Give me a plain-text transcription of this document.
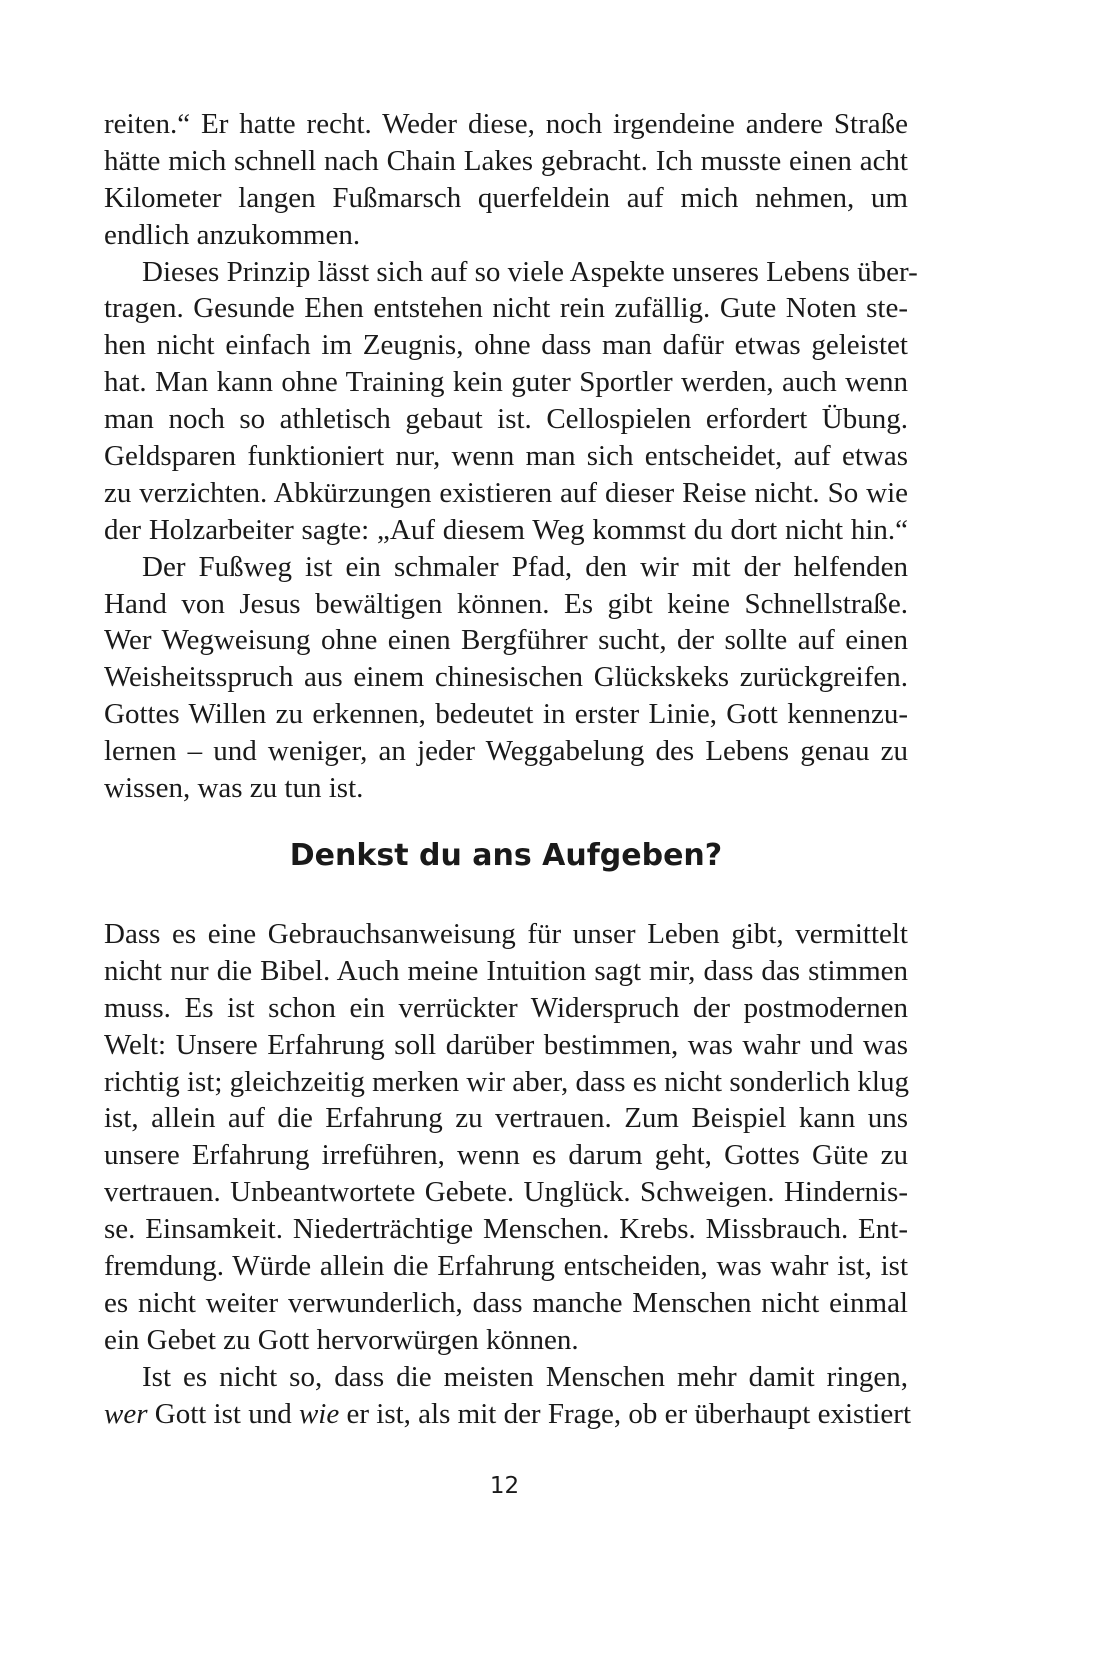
reiten.“ Er hatte recht. Weder diese, noch irgendeine andere Straße
hätte mich schnell nach Chain Lakes gebracht. Ich musste einen acht
Kilometer langen Fußmarsch querfeldein auf mich nehmen, um
endlich anzukommen.

Dieses Prinzip lässt sich auf so viele Aspekte unseres Lebens über-
tragen. Gesunde Ehen entstehen nicht rein zufällig. Gute Noten ste-
hen nicht einfach im Zeugnis, ohne dass man dafür etwas geleistet
hat. Man kann ohne Training kein guter Sportler werden, auch wenn
man noch so athletisch gebaut ist. Cellospielen erfordert Übung.
Geldsparen funktioniert nur, wenn man sich entscheidet, auf etwas
zu verzichten. Abkürzungen existieren auf dieser Reise nicht. So wie
der Holzarbeiter sagte: „Auf diesem Weg kommst du dort nicht hin.“

Der Fußweg ist ein schmaler Pfad, den wir mit der helfenden
Hand von Jesus bewältigen können. Es gibt keine Schnellstraße.
Wer Wegweisung ohne einen Bergführer sucht, der sollte auf einen
Weisheitsspruch aus einem chinesischen Glückskeks zurückgreifen.
Gottes Willen zu erkennen, bedeutet in erster Linie, Gott kennenzu-
lernen – und weniger, an jeder Weggabelung des Lebens genau zu
wissen, was zu tun ist.

Denkst du ans Aufgeben?

Dass es eine Gebrauchsanweisung für unser Leben gibt, vermittelt
nicht nur die Bibel. Auch meine Intuition sagt mir, dass das stimmen
muss. Es ist schon ein verrückter Widerspruch der postmodernen
Welt: Unsere Erfahrung soll darüber bestimmen, was wahr und was
richtig ist; gleichzeitig merken wir aber, dass es nicht sonderlich klug
ist, allein auf die Erfahrung zu vertrauen. Zum Beispiel kann uns
unsere Erfahrung irreführen, wenn es darum geht, Gottes Güte zu
vertrauen. Unbeantwortete Gebete. Unglück. Schweigen. Hindernis-
se. Einsamkeit. Niederträchtige Menschen. Krebs. Missbrauch. Ent-
fremdung. Würde allein die Erfahrung entscheiden, was wahr ist, ist
es nicht weiter verwunderlich, dass manche Menschen nicht einmal
ein Gebet zu Gott hervorwürgen können.

Ist es nicht so, dass die meisten Menschen mehr damit ringen,
wer Gott ist und wie er ist, als mit der Frage, ob er überhaupt existiert

12
